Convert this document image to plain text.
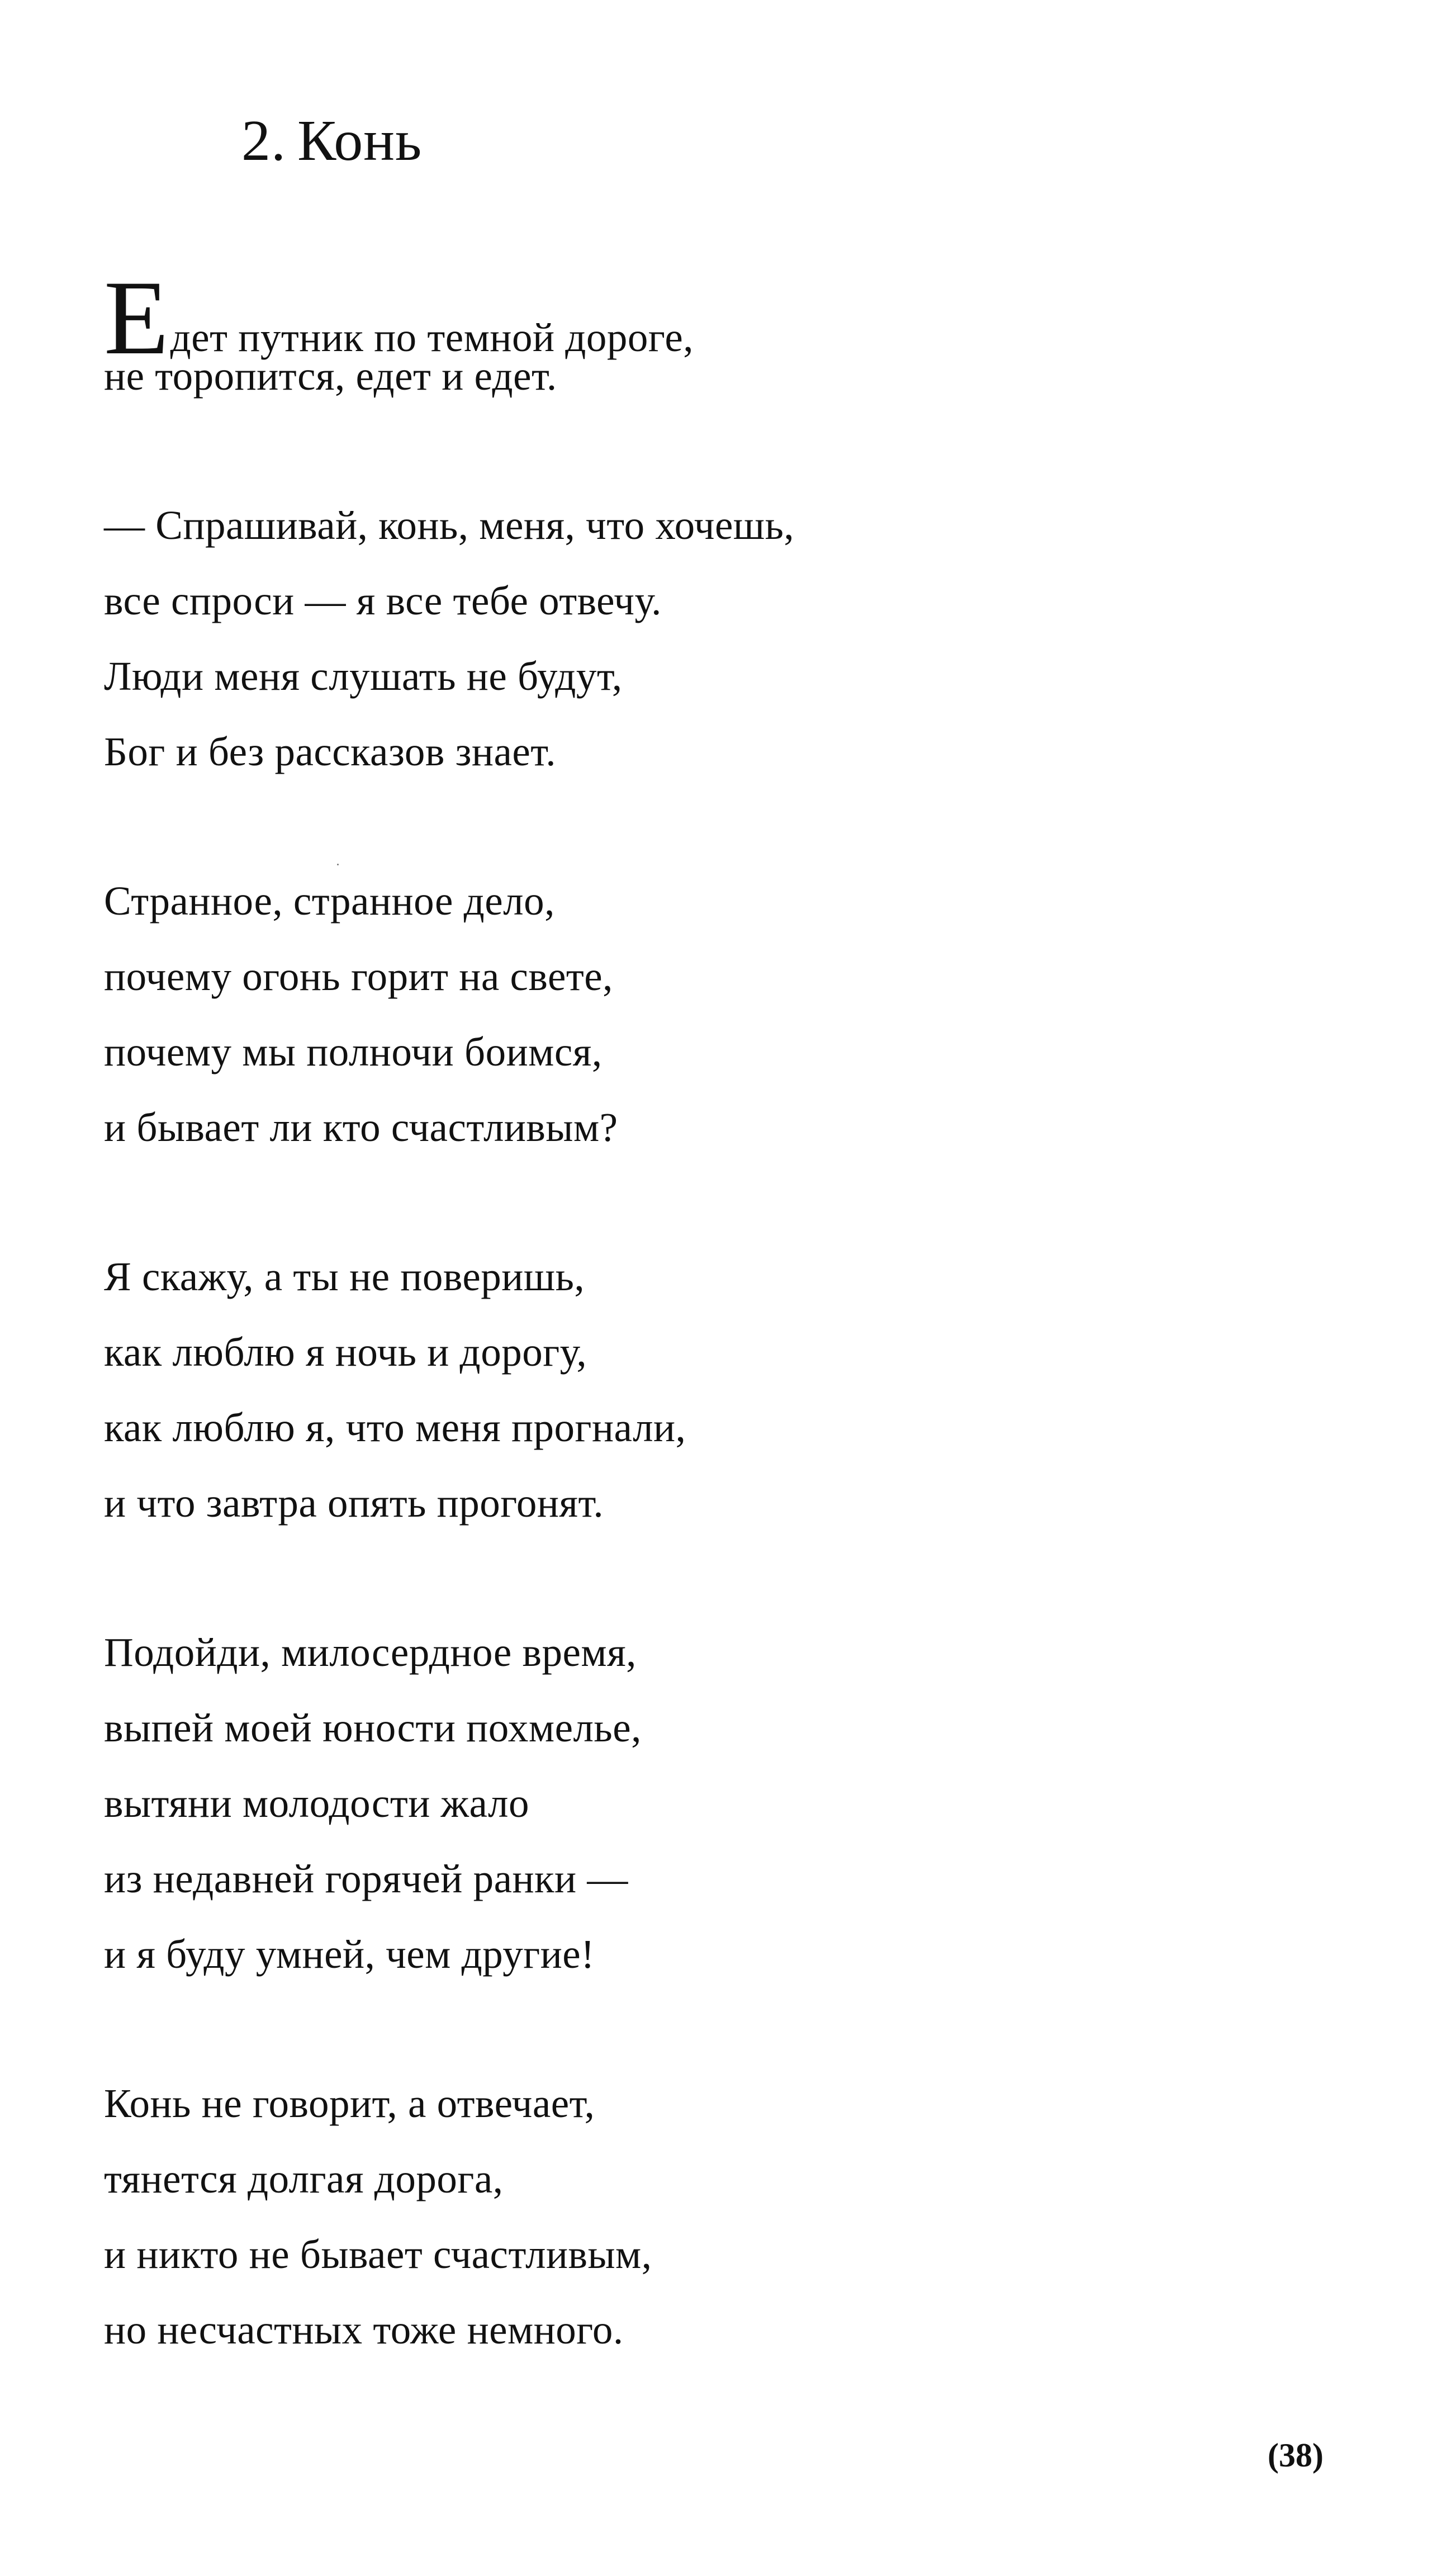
2. Конь
Едет путник по темной дороге,
не торопится, едет и едет.
— Спрашивай, конь, меня, что хочешь,
все спроси — я все тебе отвечу.
Люди меня слушать не будут,
Бог и без рассказов знает.
Странное, странное дело,
почему огонь горит на свете,
почему мы полночи боимся,
и бывает ли кто счастливым?
Я скажу, а ты не поверишь,
как люблю я ночь и дорогу,
как люблю я, что меня прогнали,
и что завтра опять прогонят.
Подойди, милосердное время,
выпей моей юности похмелье,
вытяни молодости жало
из недавней горячей ранки —
и я буду умней, чем другие!
Конь не говорит, а отвечает,
тянется долгая дорога,
и никто не бывает счастливым,
но несчастных тоже немного.
(38)
